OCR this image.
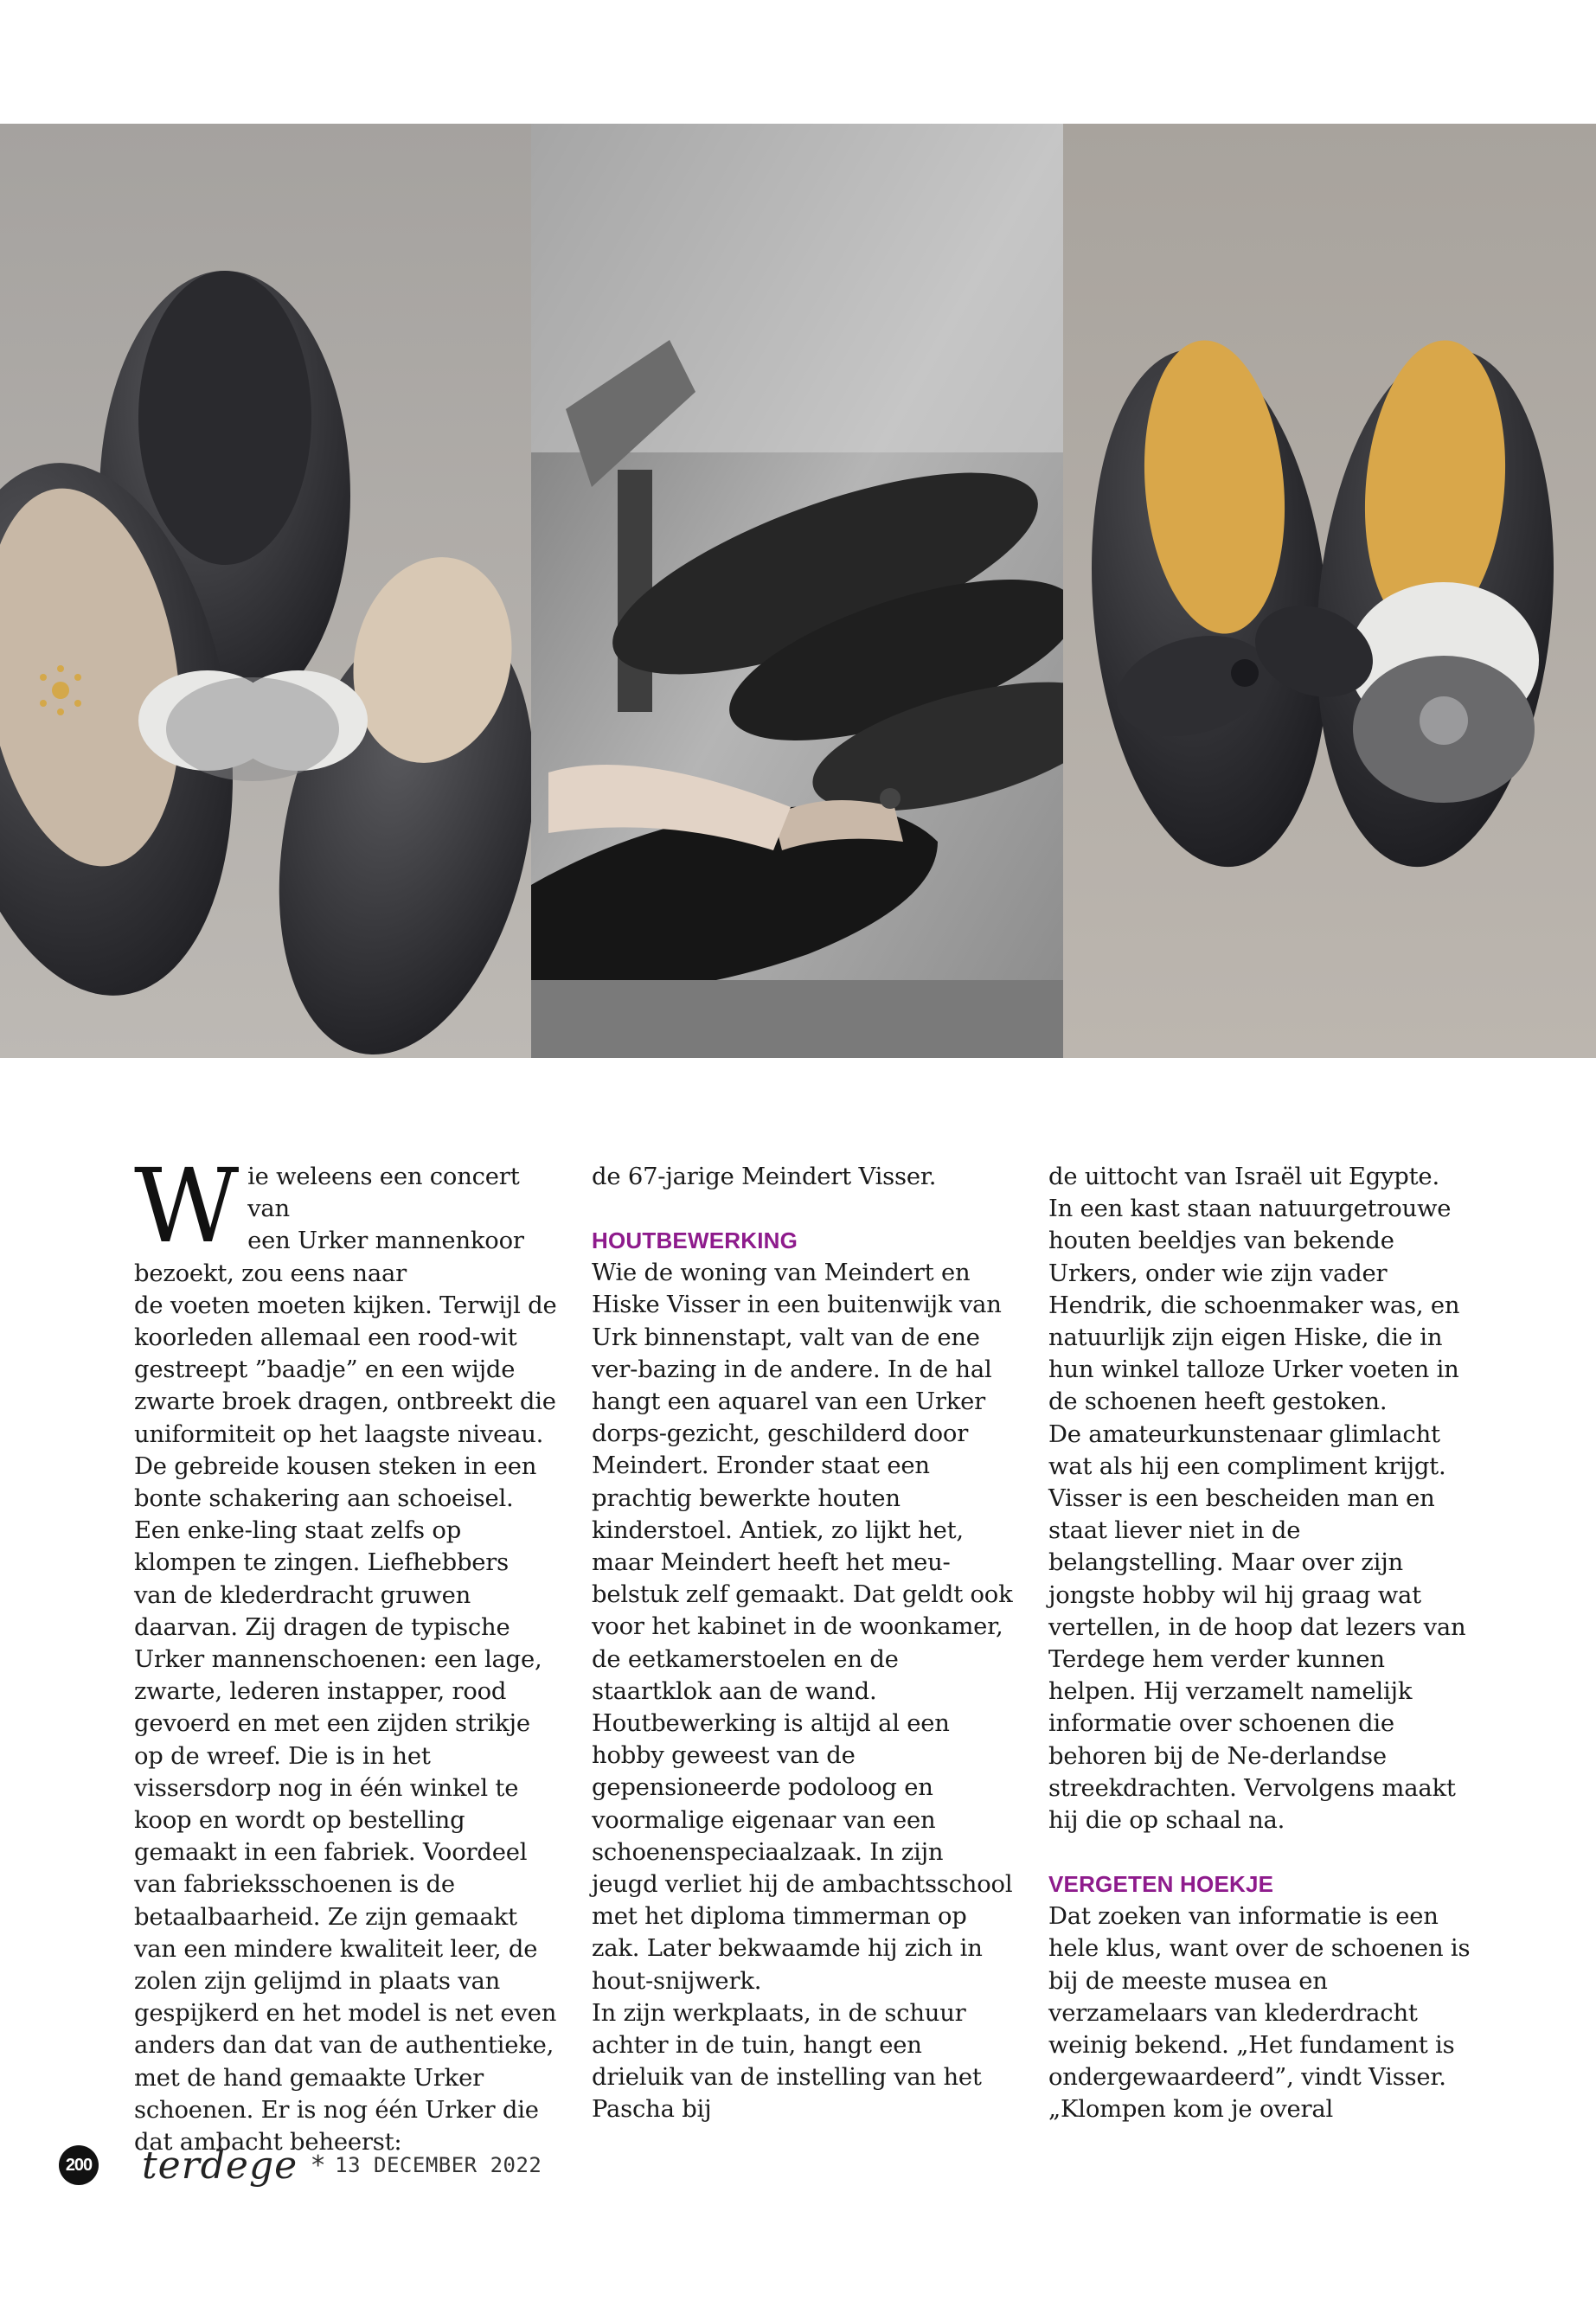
W ie weleens een concert van
een Urker mannenkoor
bezoekt, zou eens naar
de voeten moeten kijken. Terwijl de koorleden allemaal een rood-wit gestreept ”baadje” en een wijde zwarte broek dragen, ontbreekt die uniformiteit op het laagste niveau. De gebreide kousen steken in een bonte schakering aan schoeisel. Een enke-ling staat zelfs op klompen te zingen. Liefhebbers van de klederdracht gruwen daarvan. Zij dragen de typische Urker mannenschoenen: een lage, zwarte, lederen instapper, rood gevoerd en met een zijden strikje op de wreef. Die is in het vissersdorp nog in één winkel te koop en wordt op bestelling gemaakt in een fabriek. Voordeel van fabrieksschoenen is de betaalbaarheid. Ze zijn gemaakt van een mindere kwaliteit leer, de zolen zijn gelijmd in plaats van gespijkerd en het model is net even anders dan dat van de authentieke, met de hand gemaakte Urker schoenen. Er is nog één Urker die dat ambacht beheerst:

de 67-jarige Meindert Visser.

HOUTBEWERKING

Wie de woning van Meindert en Hiske Visser in een buitenwijk van Urk binnenstapt, valt van de ene ver-bazing in de andere. In de hal hangt een aquarel van een Urker dorps-gezicht, geschilderd door Meindert. Eronder staat een prachtig bewerkte houten kinderstoel. Antiek, zo lijkt het, maar Meindert heeft het meu-belstuk zelf gemaakt. Dat geldt ook voor het kabinet in de woonkamer, de eetkamerstoelen en de staartklok aan de wand.

Houtbewerking is altijd al een hobby geweest van de gepensioneerde podoloog en voormalige eigenaar van een schoenenspeciaalzaak. In zijn jeugd verliet hij de ambachtsschool met het diploma timmerman op zak. Later bekwaamde hij zich in hout-snijwerk.

In zijn werkplaats, in de schuur achter in de tuin, hangt een drieluik van de instelling van het Pascha bij

de uittocht van Israël uit Egypte.

In een kast staan natuurgetrouwe houten beeldjes van bekende Urkers, onder wie zijn vader Hendrik, die schoenmaker was, en natuurlijk zijn eigen Hiske, die in hun winkel talloze Urker voeten in de schoenen heeft gestoken.

De amateurkunstenaar glimlacht wat als hij een compliment krijgt. Visser is een bescheiden man en staat liever niet in de belangstelling. Maar over zijn jongste hobby wil hij graag wat vertellen, in de hoop dat lezers van Terdege hem verder kunnen helpen. Hij verzamelt namelijk informatie over schoenen die behoren bij de Ne-derlandse streekdrachten. Vervolgens maakt hij die op schaal na.

VERGETEN HOEKJE

Dat zoeken van informatie is een hele klus, want over de schoenen is bij de meeste musea en verzamelaars van klederdracht weinig bekend. „Het fundament is ondergewaardeerd”, vindt Visser. „Klompen kom je overal

200 terdege * 13 DECEMBER 2022
